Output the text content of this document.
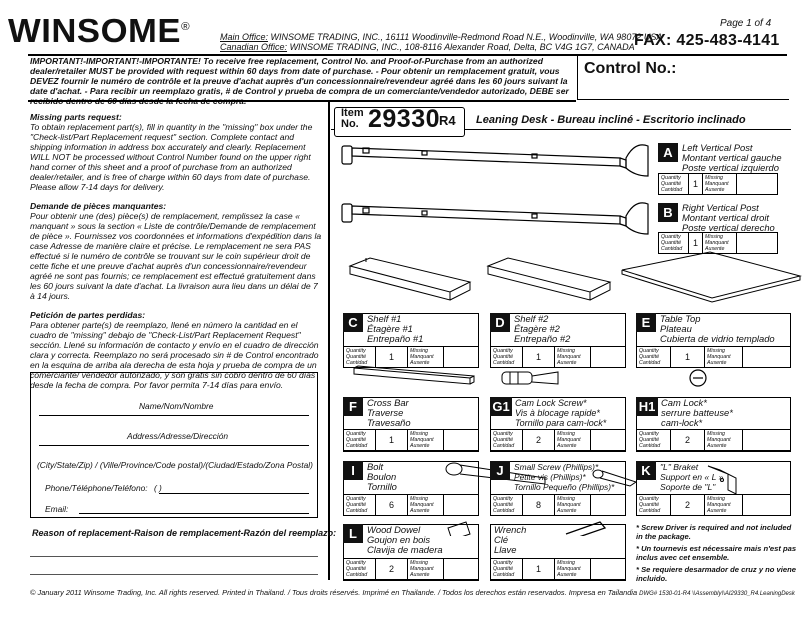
WINSOME®
Main Office: WINSOME TRADING, INC., 16111 Woodinville-Redmond Road N.E., Woodinville, WA 98072 USA
Canadian Office: WINSOME TRADING, INC., 108-8116 Alexander Road, Delta, BC V4G 1G7, CANADA
Page 1 of 4
FAX: 425-483-4141
IMPORTANT!-IMPORTANT!-IMPORTANTE! To receive free replacement, Control No. and Proof-of-Purchase from an authorized dealer/retailer MUST be provided with request within 60 days from date of purchase. - Pour obtenir un remplacement gratuit, vous DEVEZ fournir le numéro de contrôle et la preuve d'achat auprès d'un concessionnaire/revendeur agréé dans les 60 jours suivant la date d'achat. - Para recibir un reemplazo gratis, # de Control y prueba de compra de un comerciante/vendedor autorizado, DEBE ser
Control No.:

Missing parts request:
To obtain replacement part(s), fill in quantity in the "missing" box under the "Check-list/Part Replacement request" section. Complete contact and shipping information in address box accurately and clearly. Replacement WILL NOT be processed without Control Number found on the upper right hand corner of this sheet and a proof of purchase from an authorized dealer/retailer, and is free of charge within 60 days from date of purchase. Please allow 7-14 days for delivery.

Demande de pièces manquantes:
Pour obtenir une (des) pièce(s) de remplacement, remplissez la case « manquant » sous la section « Liste de contrôle/Demande de remplacement de pièce ». Fournissez vos coordonnées et informations d'expédition dans la case Adresse de manière claire et précise. Le remplacement ne sera PAS effectué si le numéro de contrôle se trouvant sur le coin supérieur droit de cette fiche et une preuve d'achat auprès d'un concessionnaire/revendeur agréé ne sont pas fournis; ce remplacement est effectué gratuitement dans les 60 jours suivant la date d'achat. La livraison aura lieu dans un délai de 7 à 14 jours.

Petición de partes perdidas:
Para obtener parte(s) de reemplazo, llené en número la cantidad en el cuadro de "missing" debajo de "Check-List/Part Replacement Request" sección. Llené su información de contacto y envío en el cuadro de dirección clara y correcta. Reemplazo no será procesado sin # de Control encontrado en la esquina de arriba ala derecha de esta hoja y prueba de compra de un comerciante/ vendedor autorizado, y son gratis sin cobro dentro de 60 días desde la fecha de compra. Por favor permita 7-14 días para envío.

Name/Nom/Nombre
Address/Adresse/Dirección
(City/State/Zip) / (Ville/Province/Code postal)/(Ciudad/Estado/Zona Postal)
Phone/Téléphone/Teléfono: ( )
Email:
Reason of replacement-Raison de remplacement-Razón del reemplazo:
Item
No. 29330
R4 Leaning Desk - Bureau incliné - Escritorio inclinado
A Left Vertical Post
Montant vertical gauche
Poste vertical izquierdo
Quantity Quantité Cantidad
1
Missing Manquant Ausente
B Right Vertical Post
Montant vertical droit
Poste vertical derecho
Quantity Quantité Cantidad
1
Missing Manquant Ausente
C Shelf #1
Étagère #1
Entrepaño #1
Quantity Quantité Cantidad
1
Missing Manquant Ausente
D Shelf #2
Étagère #2
Entrepaño #2
Quantity Quantité Cantidad
1
Missing Manquant Ausente
E	Table Top
Plateau
Cubierta de vidrio templado
Quantity Quantité Cantidad
1
Missing Manquant Ausente
F	Cross Bar
Traverse
Travesaño
Quantity Quantité Cantidad
1
Missing Manquant Ausente
G1 Cam Lock Screw*
Vis à blocage rapide*
Tornillo para cam-lock*
Quantity Quantité Cantidad
2
Missing Manquant Ausente
H1 Cam Lock*
serrure batteuse*
cam-lock*
Quantity Quantité Cantidad
2
Missing Manquant Ausente
I	Bolt
Boulon
Tornillo
Quantity Quantité Cantidad
6
Missing Manquant Ausente
J	Small Screw (Phillips)*
Petite vis (Phillips)*
Tornillo Pequeño (Phillips)*
Quantity Quantité Cantidad
8
Missing Manquant Ausente
K	"L" Braket
Support en « L »
Soporte de "L"
Quantity Quantité Cantidad
2
Missing Manquant Ausente
L	Wood Dowel
Goujon en bois
Clavija de madera
Quantity Quantité Cantidad
2
Missing Manquant Ausente
Wrench
Clé
Llave
Quantity Quantité Cantidad
1
Missing Manquant Ausente
* Screw Driver is required and not included in the package.
* Un tournevis est nécessaire mais n'est pas inclus avec cet ensemble.
* Se requiere desarmador de cruz y no viene incluido.
© January 2011 Winsome Trading, Inc. All rights reserved. Printed in Thailand. / Tous droits réservés. Imprimé en Thailande. / Todos los derechos están reservados. Impresa en Tailandia DWG# 1530-01-R4 \\Assembly\\AI29330_R4.LeaningDesk
